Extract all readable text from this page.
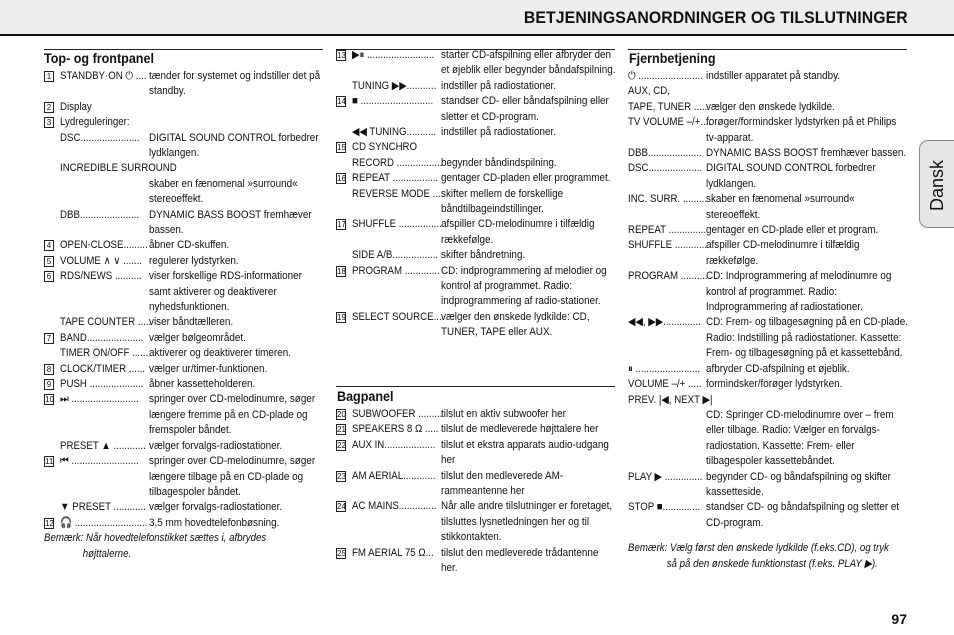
BETJENINGSANORDNINGER OG TILSLUTNINGER
Dansk
Top- og frontpanel
1 STANDBY·ON ⏻ .... tænder for systemet og indstiller det på standby.
2 Display
3 Lydreguleringer:
DSC...................... DIGITAL SOUND CONTROL forbedrer lydklangen.
INCREDIBLE SURROUND
skaber en fænomenal »surround« stereoeffekt.
DBB...................... DYNAMIC BASS BOOST fremhæver bassen.
4 OPEN·CLOSE......... åbner CD-skuffen.
5 VOLUME ∧ ∨ ....... regulerer lydstyrken.
6 RDS/NEWS .......... viser forskellige RDS-informationer samt aktiverer og deaktiverer nyhedsfunktionen.
TAPE COUNTER .....
viser båndtælleren.
7 BAND..................... vælger bølgeområdet.
TIMER ON/OFF ...... aktiverer og deaktiverer timeren.
8 CLOCK/TIMER ...... vælger ur/timer-funktionen.
9 PUSH .................... åbner kassetteholderen.
10 ⏭ ......................... springer over CD-melodinumre, søger længere fremme på en CD-plade og fremspoler båndet.
PRESET ▲ ............ vælger forvalgs-radiostationer.
11 ⏮ ......................... springer over CD-melodinumre, søger længere tilbage på en CD-plade og tilbagespoler båndet.
▼ PRESET ............ vælger forvalgs-radiostationer.
12 🎧 ........................... 3,5 mm hovedtelefonbøsning.
Bemærk: Når hovedtelefonstikket sættes i, afbrydes
højttalerne.
13 ▶⏸ ......................... starter CD-afspilning eller afbryder den et øjeblik eller begynder båndafspilning.
TUNING ▶▶........... indstiller på radiostationer.
14 ■ ........................... standser CD- eller båndafspilning eller sletter et CD-program.
◀◀ TUNING........... indstiller på radiostationer.
15 CD SYNCHRO
RECORD .................
begynder båndindspilning.
16 REPEAT ................. gentager CD-pladen eller programmet.
REVERSE MODE ....
skifter mellem de forskellige båndtilbageindstillinger.
17 SHUFFLE ................ afspiller CD-melodinumre i tilfældig rækkefølge.
SIDE A/B................. skifter båndretning.
18 PROGRAM ............. CD: indprogrammering af melodier og kontrol af programmet. Radio: indprogrammering af radio-stationer.
19 SELECT SOURCE....
vælger den ønskede lydkilde: CD, TUNER, TAPE eller AUX.
Bagpanel
20 SUBWOOFER .........
tilslut en aktiv subwoofer her
21 SPEAKERS 8 Ω ..... tilslut de medleverede højttalere her
22 AUX IN................... tilslut et ekstra apparats audio-udgang her
23 AM AERIAL............ tilslut den medleverede AM-rammeantenne her
24 AC MAINS.............. Når alle andre tilslutninger er foretaget, tilsluttes lysnetledningen her og til stikkontakten.
25 FM AERIAL 75 Ω... tilslut den medleverede trådantenne her.
Fjernbetjening
⏻ ........................ indstiller apparatet på standby.
AUX, CD,
TAPE, TUNER .....
vælger den ønskede lydkilde.
TV VOLUME –/+....
forøger/formindsker lydstyrken på et Philips tv-apparat.
DBB.................... DYNAMIC BASS BOOST fremhæver bassen.
DSC.................... DIGITAL SOUND CONTROL forbedrer lydklangen.
INC. SURR. .........
skaber en fænomenal »surround« stereoeffekt.
REPEAT .............. gentager en CD-plade eller et program.
SHUFFLE ............
afspiller CD-melodinumre i tilfældig rækkefølge.
PROGRAM ..........
CD: Indprogrammering af melodinumre og kontrol af programmet. Radio: Indprogrammering af radiostationer.
◀◀, ▶▶.............. CD: Frem- og tilbagesøgning på en CD-plade. Radio: Indstilling på radiostationer. Kassette: Frem- og tilbagesøgning på et kassettebånd.
⏸ ........................ afbryder CD-afspilning et øjeblik.
VOLUME –/+ ..... formindsker/forøger lydstyrken.
PREV. |◀, NEXT ▶|
CD: Springer CD-melodinumre over – frem eller tilbage. Radio: Vælger en forvalgs-radiostation. Kassette: Frem- eller tilbagespoler kassettebåndet.
PLAY ▶ .............. begynder CD- og båndafspilning og skifter kassetteside.
STOP ■.............. standser CD- og båndafspilning og sletter et CD-program.
Bemærk: Vælg først den ønskede lydkilde (f.eks.CD), og tryk
så på den ønskede funktionstast (f.eks. PLAY ▶).
97
